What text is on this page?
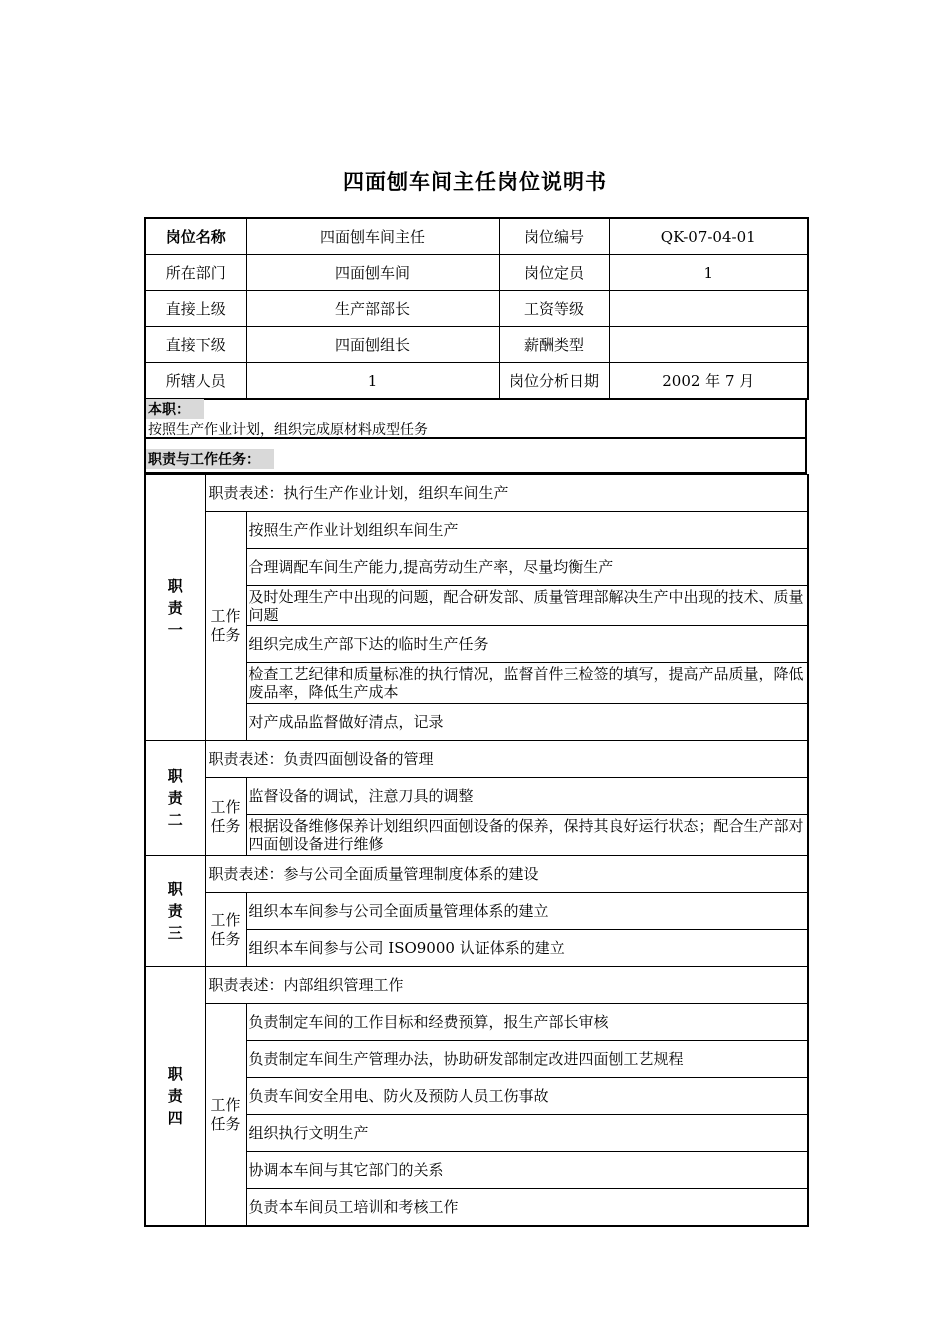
四面刨车间主任岗位说明书
岗位名称	四面刨车间主任	岗位编号	QK-07-04-01
所在部门	四面刨车间	岗位定员	1
直接上级	生产部部长	工资等级	
直接下级	四面刨组长	薪酬类型	
所辖人员	1	岗位分析日期	2002 年 7 月
本职：
按照生产作业计划，组织完成原材料成型任务
职责与工作任务：
职
责
一	职责表述：执行生产作业计划，组织车间生产	

	工作
任务	按照生产作业计划组织车间生产
		合理调配车间生产能力,提高劳动生产率，尽量均衡生产
		及时处理生产中出现的问题，配合研发部、质量管理部解决生产中出现的技术、质量问题
		组织完成生产部下达的临时生产任务
		检查工艺纪律和质量标准的执行情况，监督首件三检签的填写，提高产品质量，降低废品率，降低生产成本
		对产成品监督做好清点，记录

职
责
二	职责表述：负责四面刨设备的管理	

	工作
任务	监督设备的调试，注意刀具的调整
		根据设备维修保养计划组织四面刨设备的保养，保持其良好运行状态；配合生产部对四面刨设备进行维修

职
责
三	职责表述：参与公司全面质量管理制度体系的建设	

	工作
任务	组织本车间参与公司全面质量管理体系的建立
		组织本车间参与公司 ISO9000 认证体系的建立

职
责
四	职责表述：内部组织管理工作	

	工作
任务	负责制定车间的工作目标和经费预算，报生产部长审核
		负责制定车间生产管理办法，协助研发部制定改进四面刨工艺规程
		负责车间安全用电、防火及预防人员工伤事故
		组织执行文明生产
		协调本车间与其它部门的关系
		负责本车间员工培训和考核工作
